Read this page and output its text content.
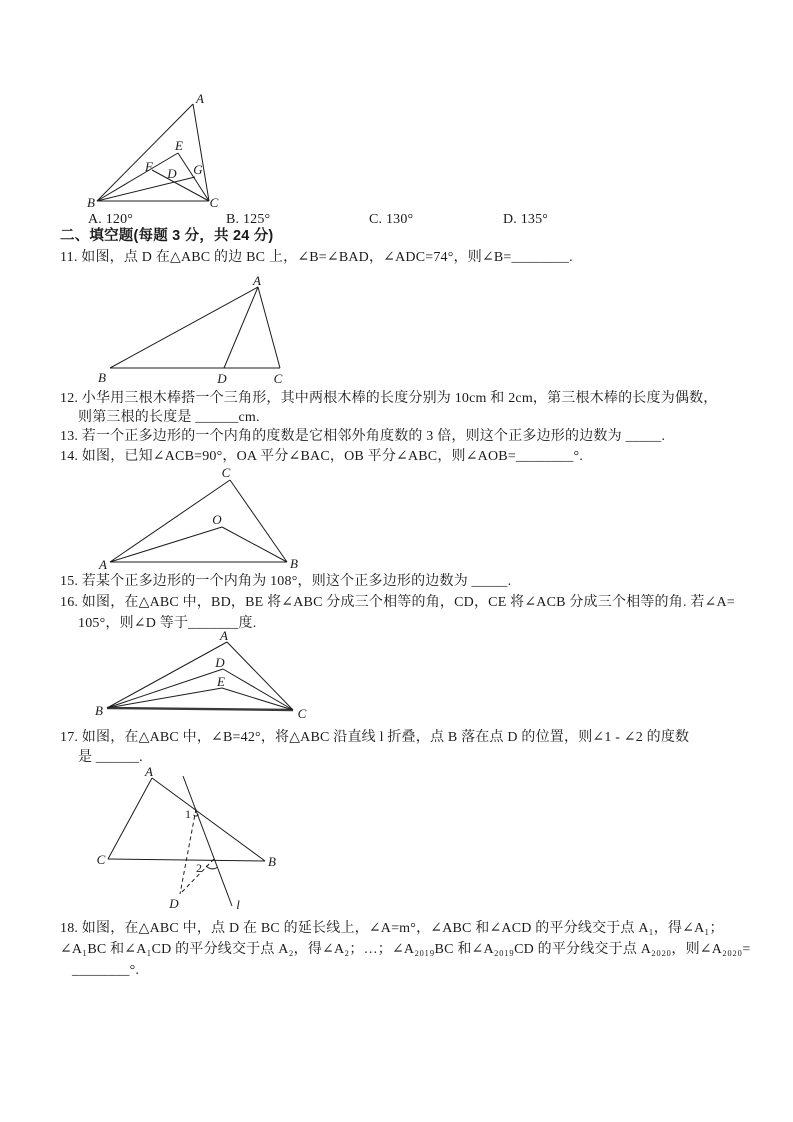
A
B	C
D
E
F	G
A. 120°	B. 125°	C. 130°	D. 135°
二、填空题(每题 3 分，共 24 分)
11. 如图，点 D 在△ABC 的边 BC 上，∠B=∠BAD，∠ADC=74°，则∠B=________.
A
B	D	C
12. 小华用三根木棒搭一个三角形，其中两根木棒的长度分别为 10cm 和 2cm，第三根木棒的长度为偶数，
则第三根的长度是 ______cm.
13. 若一个正多边形的一个内角的度数是它相邻外角度数的 3 倍，则这个正多边形的边数为 _____.
14. 如图，已知∠ACB=90°，OA 平分∠BAC，OB 平分∠ABC，则∠AOB=________°.
C
O
A	B
15. 若某个正多边形的一个内角为 108°，则这个正多边形的边数为 _____.
16. 如图，在△ABC 中，BD，BE 将∠ABC 分成三个相等的角，CD，CE 将∠ACB 分成三个相等的角. 若∠A=
105°，则∠D 等于_______度.
A
D
E
B	C
17. 如图，在△ABC 中，∠B=42°，将△ABC 沿直线 l 折叠，点 B 落在点 D 的位置，则∠1 - ∠2 的度数
是 ______.
A
C	B
D	l
1
2
18. 如图，在△ABC 中，点 D 在 BC 的延长线上，∠A=m°，∠ABC 和∠ACD 的平分线交于点 A₁，得∠A₁；
∠A₁BC 和∠A₁CD 的平分线交于点 A₂，得∠A₂；…；∠A₂₀₁₉BC 和∠A₂₀₁₉CD 的平分线交于点 A₂₀₂₀，则∠A₂₀₂₀=
________°.
